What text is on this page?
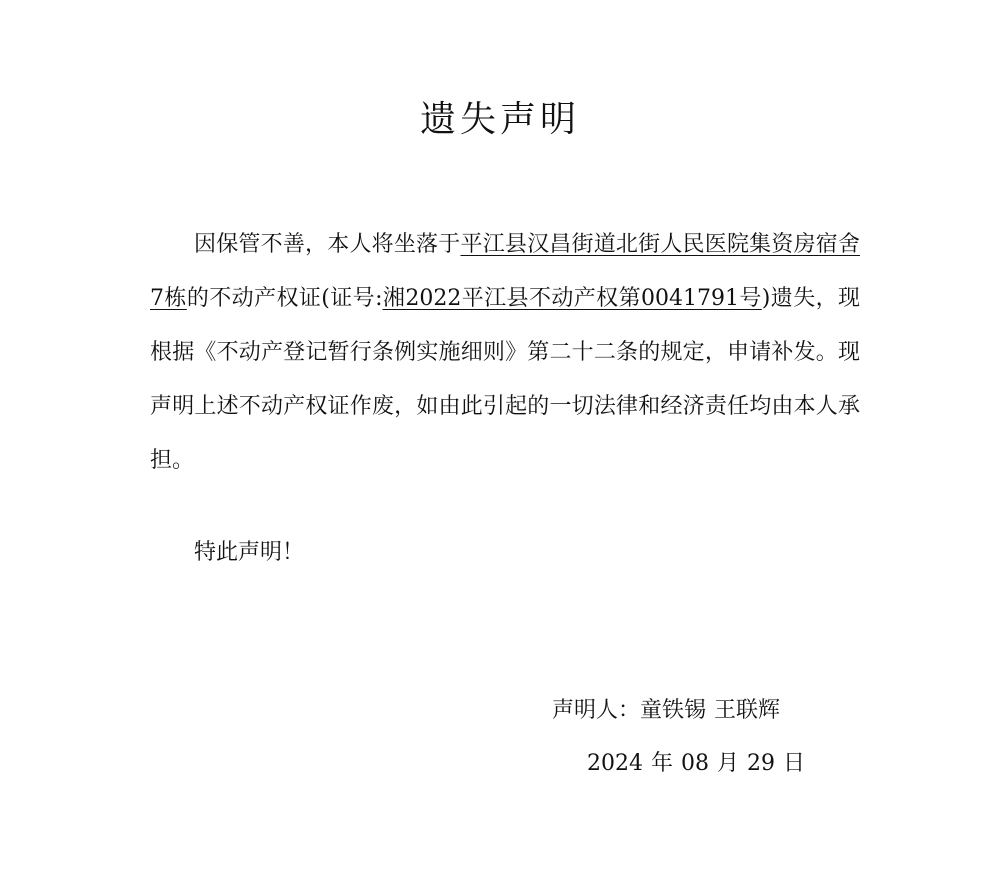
遗失声明

因保管不善，本人将坐落于平江县汉昌街道北街人民医院集资房宿舍7栋的不动产权证(证号:湘2022平江县不动产权第0041791号)遗失，现根据《不动产登记暂行条例实施细则》第二十二条的规定，申请补发。现声明上述不动产权证作废，如由此引起的一切法律和经济责任均由本人承担。

特此声明！

声明人：童铁锡 王联辉

2024 年 08 月 29 日
